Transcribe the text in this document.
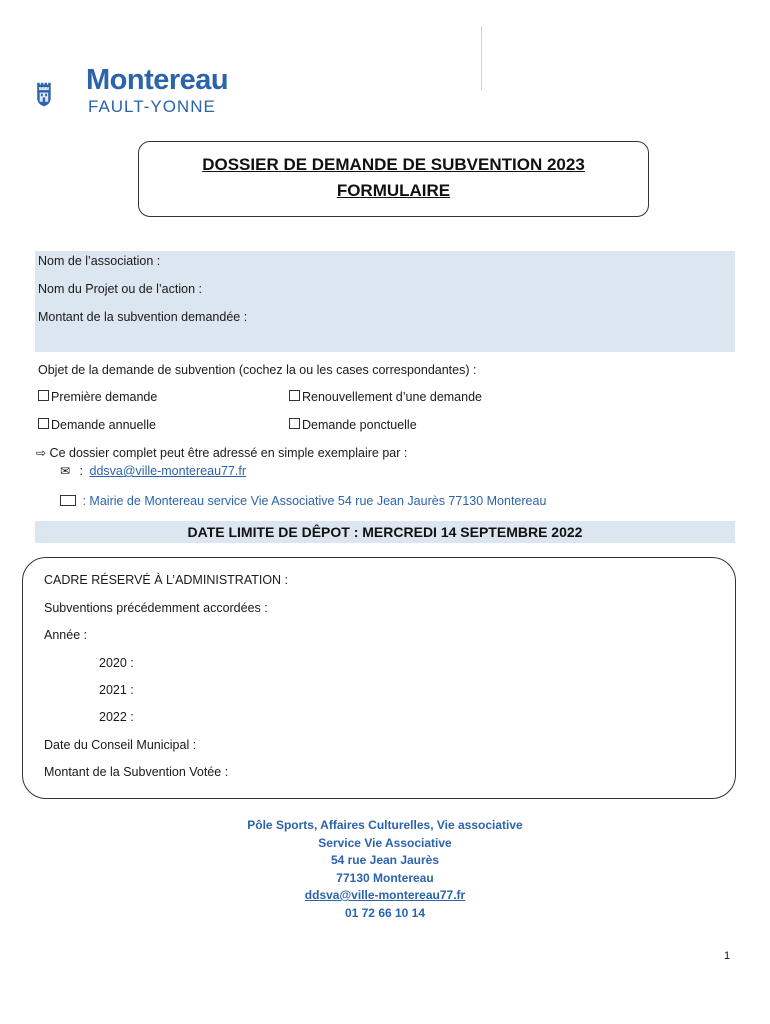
Montereau
FAULT-YONNE
DOSSIER DE DEMANDE DE SUBVENTION 2023
FORMULAIRE
Nom de l’association :
Nom du Projet ou de l’action :
Montant de la subvention demandée :
Objet de la demande de subvention (cochez la ou les cases correspondantes) :
Première demande	Renouvellement d’une demande
Demande annuelle	Demande ponctuelle
⇨ Ce dossier complet peut être adressé en simple exemplaire par :
✉ : ddsva@ville-montereau77.fr
: Mairie de Montereau service Vie Associative 54 rue Jean Jaurès 77130 Montereau
DATE LIMITE DE DÊPOT : MERCREDI 14 SEPTEMBRE 2022
CADRE RÉSERVÉ À L’ADMINISTRATION :
Subventions précédemment accordées :
Année :
2020 :
2021 :
2022 :
Date du Conseil Municipal :
Montant de la Subvention Votée :
Pôle Sports, Affaires Culturelles, Vie associative
Service Vie Associative
54 rue Jean Jaurès
77130 Montereau
ddsva@ville-montereau77.fr
01 72 66 10 14
1
